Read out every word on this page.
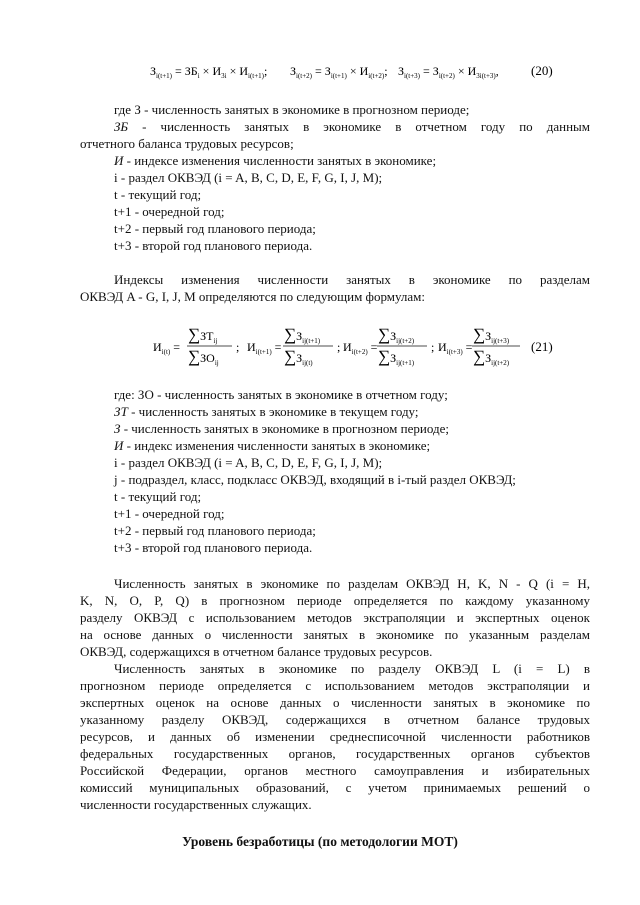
$З_{i(t+1)} = ЗБ_i \times И_{3i} \times И_{i(t+1)}$; $З_{i(t+2)} = З_{i(t+1)} \times И_{i(t+2)}$; $З_{i(t+3)} = З_{i(t+2)} \times И_{3i(t+3)}$, (20)
где З - численность занятых в экономике в прогнозном периоде;
ЗБ - численность занятых в экономике в отчетном году по данным
отчетного баланса трудовых ресурсов;
И - индексе изменения численности занятых в экономике;
i - раздел ОКВЭД (i = A, B, C, D, E, F, G, I, J, M);
t - текущий год;
t+1 - очередной год;
t+2 - первый год планового периода;
t+3 - второй год планового периода.
Индексы изменения численности занятых в экономике по разделам
ОКВЭД A - G, I, J, M определяются по следующим формулам:
$И_{i(t)}$ =
$\sum ЗТ_{ij}$
$\sum ЗО_{ij}$
; $И_{i(t+1)}$ =
$\sum З_{ij(t+1)}$
$\sum З_{ij(t)}$
; $И_{i(t+2)}$ =
$\sum З_{ij(t+2)}$
$\sum З_{ij(t+1)}$
; $И_{i(t+3)}$ =
$\sum З_{ij(t+3)}$
$\sum З_{ij(t+2)}$
(21)
где: ЗО - численность занятых в экономике в отчетном году;
ЗТ - численность занятых в экономике в текущем году;
З - численность занятых в экономике в прогнозном периоде;
И - индекс изменения численности занятых в экономике;
i - раздел ОКВЭД (i = A, B, C, D, E, F, G, I, J, M);
j - подраздел, класс, подкласс ОКВЭД, входящий в i-тый раздел ОКВЭД;
t - текущий год;
t+1 - очередной год;
t+2 - первый год планового периода;
t+3 - второй год планового периода.
Численность занятых в экономике по разделам ОКВЭД H, K, N - Q (i = H,
K, N, O, P, Q) в прогнозном периоде определяется по каждому указанному
разделу ОКВЭД с использованием методов экстраполяции и экспертных оценок
на основе данных о численности занятых в экономике по указанным разделам
ОКВЭД, содержащихся в отчетном балансе трудовых ресурсов.
Численность занятых в экономике по разделу ОКВЭД L (i = L) в
прогнозном периоде определяется с использованием методов экстраполяции и
экспертных оценок на основе данных о численности занятых в экономике по
указанному разделу ОКВЭД, содержащихся в отчетном балансе трудовых
ресурсов, и данных об изменении среднесписочной численности работников
федеральных государственных органов, государственных органов субъектов
Российской Федерации, органов местного самоуправления и избирательных
комиссий муниципальных образований, с учетом принимаемых решений о
численности государственных служащих.
Уровень безработицы (по методологии МОТ)
